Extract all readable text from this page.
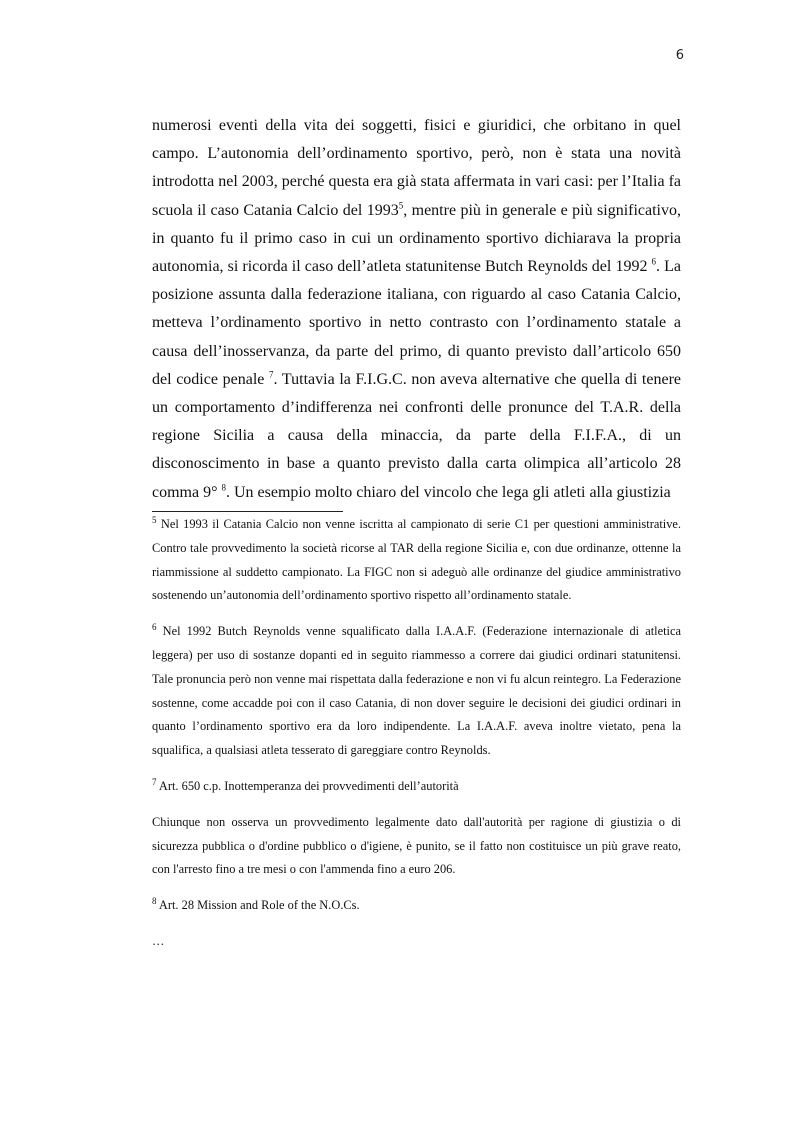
6

numerosi eventi della vita dei soggetti, fisici e giuridici, che orbitano in quel campo. L’autonomia dell’ordinamento sportivo, però, non è stata una novità introdotta nel 2003, perché questa era già stata affermata in vari casi: per l’Italia fa scuola il caso Catania Calcio del 1993$^5$, mentre più in generale e più significativo, in quanto fu il primo caso in cui un ordinamento sportivo dichiarava la propria autonomia, si ricorda il caso dell’atleta statunitense Butch Reynolds del 1992 $^6$. La posizione assunta dalla federazione italiana, con riguardo al caso Catania Calcio, metteva l’ordinamento sportivo in netto contrasto con l’ordinamento statale a causa dell’inosservanza, da parte del primo, di quanto previsto dall’articolo 650 del codice penale $^7$. Tuttavia la F.I.G.C. non aveva alternative che quella di tenere un comportamento d’indifferenza nei confronti delle pronunce del T.A.R. della regione Sicilia a causa della minaccia, da parte della F.I.F.A., di un disconoscimento in base a quanto previsto dalla carta olimpica all’articolo 28 comma 9° $^8$. Un esempio molto chiaro del vincolo che lega gli atleti alla giustizia

$^5$ Nel 1993 il Catania Calcio non venne iscritta al campionato di serie C1 per questioni amministrative. Contro tale provvedimento la società ricorse al TAR della regione Sicilia e, con due ordinanze, ottenne la riammissione al suddetto campionato. La FIGC non si adeguò alle ordinanze del giudice amministrativo sostenendo un’autonomia dell’ordinamento sportivo rispetto all’ordinamento statale.

$^6$ Nel 1992 Butch Reynolds venne squalificato dalla I.A.A.F. (Federazione internazionale di atletica leggera) per uso di sostanze dopanti ed in seguito riammesso a correre dai giudici ordinari statunitensi. Tale pronuncia però non venne mai rispettata dalla federazione e non vi fu alcun reintegro. La Federazione sostenne, come accadde poi con il caso Catania, di non dover seguire le decisioni dei giudici ordinari in quanto l’ordinamento sportivo era da loro indipendente. La I.A.A.F. aveva inoltre vietato, pena la squalifica, a qualsiasi atleta tesserato di gareggiare contro Reynolds.

$^7$ Art. 650 c.p. Inottemperanza dei provvedimenti dell’autorità

Chiunque non osserva un provvedimento legalmente dato dall'autorità per ragione di giustizia o di sicurezza pubblica o d'ordine pubblico o d'igiene, è punito, se il fatto non costituisce un più grave reato, con l'arresto fino a tre mesi o con l'ammenda fino a euro 206.

$^8$ Art. 28 Mission and Role of the N.O.Cs.

…
